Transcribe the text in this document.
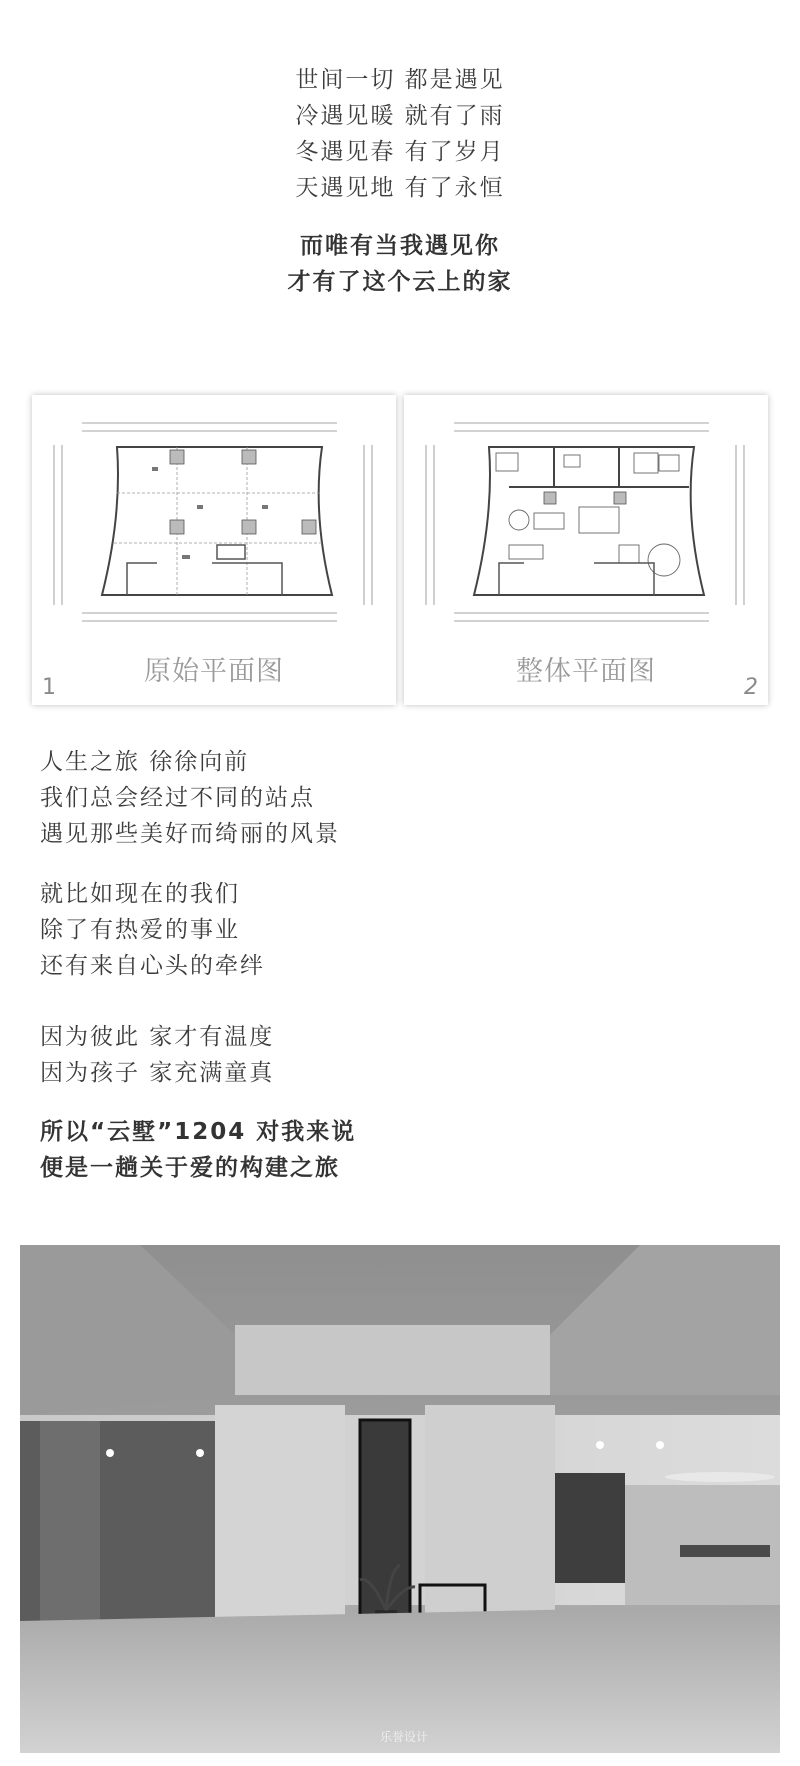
世间一切 都是遇见
冷遇见暖 就有了雨
冬遇见春 有了岁月
天遇见地 有了永恒
而唯有当我遇见你
才有了这个云上的家
原始平面图
1
整体平面图
2
人生之旅 徐徐向前
我们总会经过不同的站点
遇见那些美好而绮丽的风景
就比如现在的我们
除了有热爱的事业
还有来自心头的牵绊
因为彼此 家才有温度
因为孩子 家充满童真
所以“云墅”1204 对我来说
便是一趟关于爱的构建之旅
乐誉设计
